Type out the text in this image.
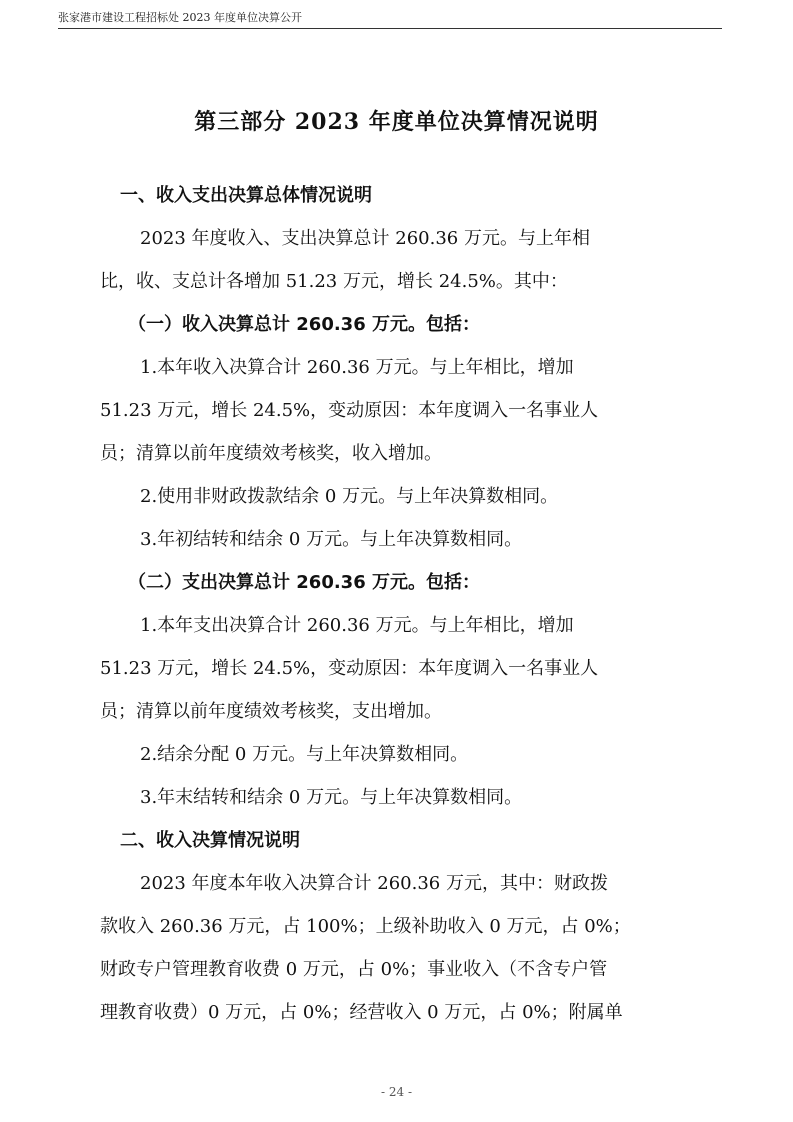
张家港市建设工程招标处 2023 年度单位决算公开
第三部分 2023 年度单位决算情况说明
一、收入支出决算总体情况说明
2023 年度收入、支出决算总计 260.36 万元。与上年相
比，收、支总计各增加 51.23 万元，增长 24.5%。其中：
（一）收入决算总计 260.36 万元。包括：
1.本年收入决算合计 260.36 万元。与上年相比，增加
51.23 万元，增长 24.5%，变动原因：本年度调入一名事业人
员；清算以前年度绩效考核奖，收入增加。
2.使用非财政拨款结余 0 万元。与上年决算数相同。
3.年初结转和结余 0 万元。与上年决算数相同。
（二）支出决算总计 260.36 万元。包括：
1.本年支出决算合计 260.36 万元。与上年相比，增加
51.23 万元，增长 24.5%，变动原因：本年度调入一名事业人
员；清算以前年度绩效考核奖，支出增加。
2.结余分配 0 万元。与上年决算数相同。
3.年末结转和结余 0 万元。与上年决算数相同。
二、收入决算情况说明
2023 年度本年收入决算合计 260.36 万元，其中：财政拨
款收入 260.36 万元，占 100%；上级补助收入 0 万元，占 0%；
财政专户管理教育收费 0 万元，占 0%；事业收入（不含专户管
理教育收费）0 万元，占 0%；经营收入 0 万元，占 0%；附属单
- 24 -
